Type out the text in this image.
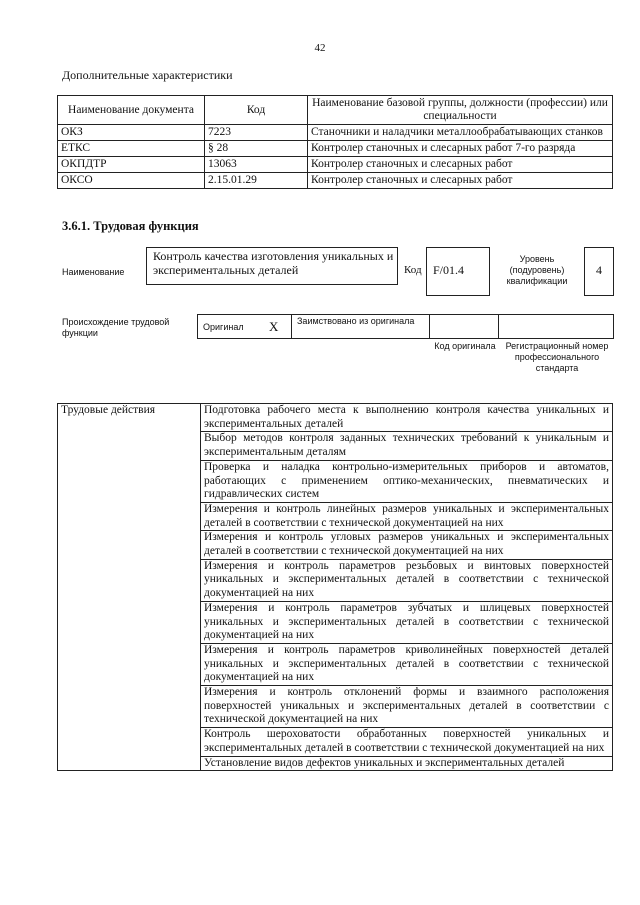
42
Дополнительные характеристики
Наименование документа	Код	Наименование базовой группы, должности (профессии) или специальности
ОКЗ	7223	Станочники и наладчики металлообрабатывающих станков
ЕТКС	§ 28	Контролер станочных и слесарных работ 7-го разряда
ОКПДТР	13063	Контролер станочных и слесарных работ
ОКСО	2.15.01.29	Контролер станочных и слесарных работ
3.6.1. Трудовая функция
Наименование
Контроль качества изготовления уникальных и экспериментальных деталей	Код F/01.4
Уровень (подуровень) квалификации
4
Происхождение трудовой функции
Оригинал X Заимствовано из оригинала
Код оригинала Регистрационный номер профессионального стандарта
Трудовые действия	Подготовка рабочего места к выполнению контроля качества уникальных и экспериментальных деталей
Выбор методов контроля заданных технических требований к уникальным и экспериментальным деталям
Проверка и наладка контрольно-измерительных приборов и автоматов, работающих с применением оптико-механических, пневматических и гидравлических систем
Измерения и контроль линейных размеров уникальных и экспериментальных деталей в соответствии с технической документацией на них
Измерения и контроль угловых размеров уникальных и экспериментальных деталей в соответствии с технической документацией на них
Измерения и контроль параметров резьбовых и винтовых поверхностей уникальных и экспериментальных деталей в соответствии с технической документацией на них
Измерения и контроль параметров зубчатых и шлицевых поверхностей уникальных и экспериментальных деталей в соответствии с технической документацией на них
Измерения и контроль параметров криволинейных поверхностей деталей уникальных и экспериментальных деталей в соответствии с технической документацией на них
Измерения и контроль отклонений формы и взаимного расположения поверхностей уникальных и экспериментальных деталей в соответствии с технической документацией на них
Контроль шероховатости обработанных поверхностей уникальных и экспериментальных деталей в соответствии с технической документацией на них
Установление видов дефектов уникальных и экспериментальных деталей
